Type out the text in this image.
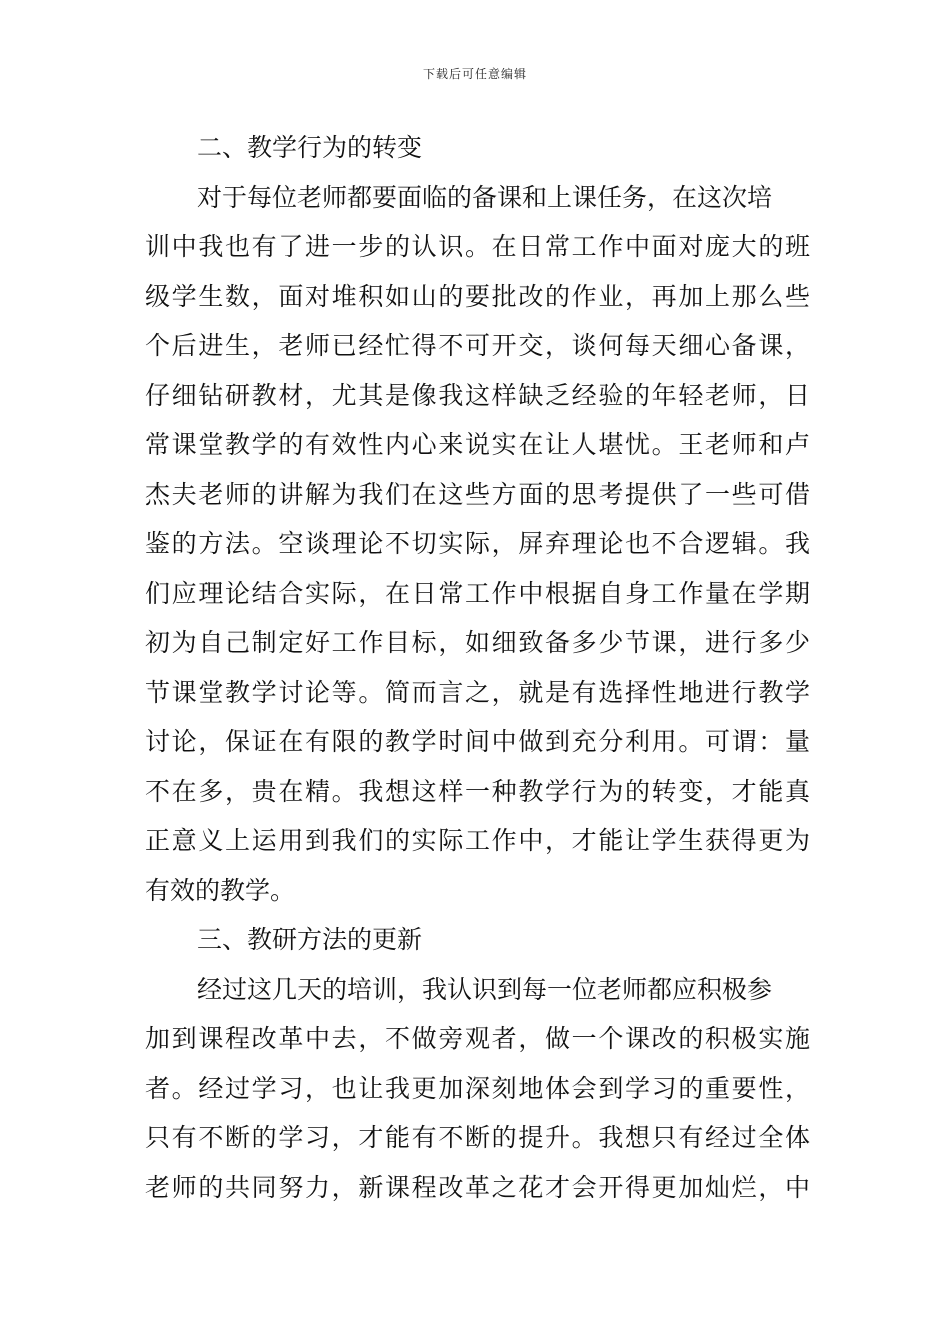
下载后可任意编辑
二、教学行为的转变
对于每位老师都要面临的备课和上课任务，在这次培
训中我也有了进一步的认识。在日常工作中面对庞大的班
级学生数，面对堆积如山的要批改的作业，再加上那么些
个后进生，老师已经忙得不可开交，谈何每天细心备课，
仔细钻研教材，尤其是像我这样缺乏经验的年轻老师，日
常课堂教学的有效性内心来说实在让人堪忧。王老师和卢
杰夫老师的讲解为我们在这些方面的思考提供了一些可借
鉴的方法。空谈理论不切实际，屏弃理论也不合逻辑。我
们应理论结合实际，在日常工作中根据自身工作量在学期
初为自己制定好工作目标，如细致备多少节课，进行多少
节课堂教学讨论等。简而言之，就是有选择性地进行教学
讨论，保证在有限的教学时间中做到充分利用。可谓：量
不在多，贵在精。我想这样一种教学行为的转变，才能真
正意义上运用到我们的实际工作中，才能让学生获得更为
有效的教学。
三、教研方法的更新
经过这几天的培训，我认识到每一位老师都应积极参
加到课程改革中去，不做旁观者，做一个课改的积极实施
者。经过学习，也让我更加深刻地体会到学习的重要性，
只有不断的学习，才能有不断的提升。我想只有经过全体
老师的共同努力，新课程改革之花才会开得更加灿烂，中
